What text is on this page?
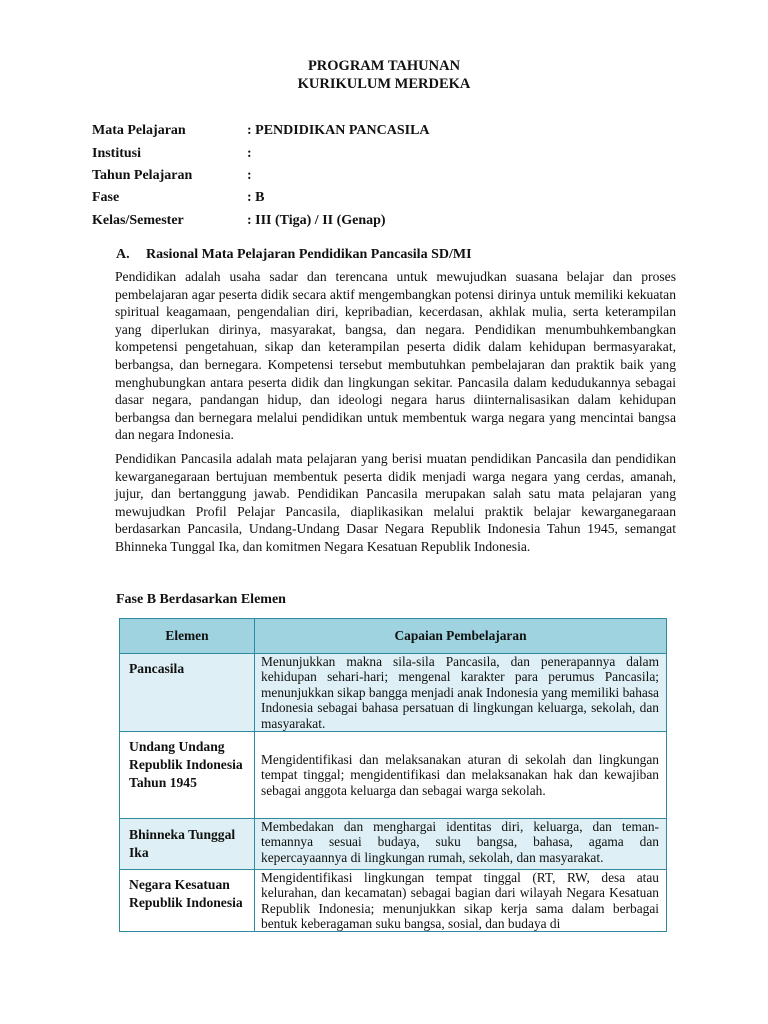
PROGRAM TAHUNAN
KURIKULUM MERDEKA
Mata Pelajaran	: PENDIDIKAN PANCASILA
Institusi	:
Tahun Pelajaran	:
Fase	: B
Kelas/Semester	: III (Tiga) / II (Genap)
A. Rasional Mata Pelajaran Pendidikan Pancasila SD/MI

Pendidikan adalah usaha sadar dan terencana untuk mewujudkan suasana belajar dan proses pembelajaran agar peserta didik secara aktif mengembangkan potensi dirinya untuk memiliki kekuatan spiritual keagamaan, pengendalian diri, kepribadian, kecerdasan, akhlak mulia, serta keterampilan yang diperlukan dirinya, masyarakat, bangsa, dan negara. Pendidikan menumbuhkembangkan kompetensi pengetahuan, sikap dan keterampilan peserta didik dalam kehidupan bermasyarakat, berbangsa, dan bernegara. Kompetensi tersebut membutuhkan pembelajaran dan praktik baik yang menghubungkan antara peserta didik dan lingkungan sekitar. Pancasila dalam kedudukannya sebagai dasar negara, pandangan hidup, dan ideologi negara harus diinternalisasikan dalam kehidupan berbangsa dan bernegara melalui pendidikan untuk membentuk warga negara yang mencintai bangsa dan negara Indonesia.

Pendidikan Pancasila adalah mata pelajaran yang berisi muatan pendidikan Pancasila dan pendidikan kewarganegaraan bertujuan membentuk peserta didik menjadi warga negara yang cerdas, amanah, jujur, dan bertanggung jawab. Pendidikan Pancasila merupakan salah satu mata pelajaran yang mewujudkan Profil Pelajar Pancasila, diaplikasikan melalui praktik belajar kewarganegaraan berdasarkan Pancasila, Undang-Undang Dasar Negara Republik Indonesia Tahun 1945, semangat Bhinneka Tunggal Ika, dan komitmen Negara Kesatuan Republik Indonesia.

Fase B Berdasarkan Elemen
Elemen	Capaian Pembelajaran
Pancasila	Menunjukkan makna sila-sila Pancasila, dan penerapannya dalam kehidupan sehari-hari; mengenal karakter para perumus Pancasila; menunjukkan sikap bangga menjadi anak Indonesia yang memiliki bahasa Indonesia sebagai bahasa persatuan di lingkungan keluarga, sekolah, dan masyarakat.
Undang Undang Republik Indonesia Tahun 1945	Mengidentifikasi dan melaksanakan aturan di sekolah dan lingkungan tempat tinggal; mengidentifikasi dan melaksanakan hak dan kewajiban sebagai anggota keluarga dan sebagai warga sekolah.
Bhinneka Tunggal Ika	Membedakan dan menghargai identitas diri, keluarga, dan teman-temannya sesuai budaya, suku bangsa, bahasa, agama dan kepercayaannya di lingkungan rumah, sekolah, dan masyarakat.
Negara Kesatuan Republik Indonesia	Mengidentifikasi lingkungan tempat tinggal (RT, RW, desa atau kelurahan, dan kecamatan) sebagai bagian dari wilayah Negara Kesatuan Republik Indonesia; menunjukkan sikap kerja sama dalam berbagai bentuk keberagaman suku bangsa, sosial, dan budaya di
